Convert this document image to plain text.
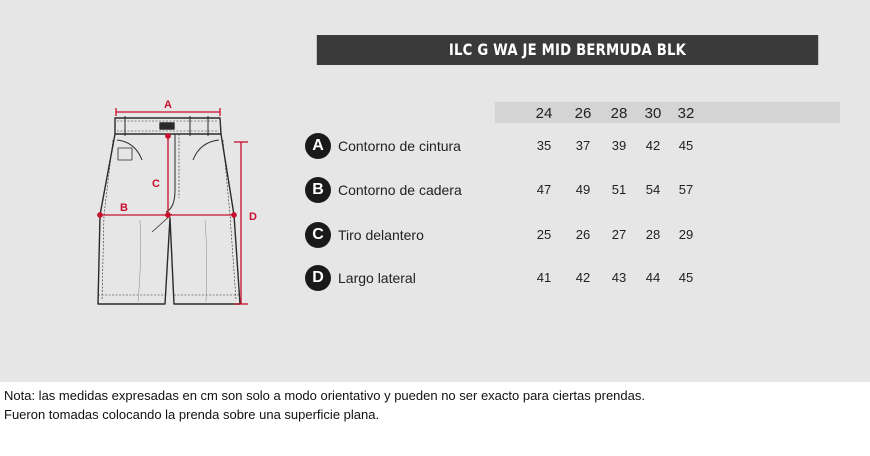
ILC G WA JE MID BERMUDA BLK
A
C
B
D
24	26	28	30	32
A	Contorno de cintura	35	37	39	42	45
B	Contorno de cadera	47	49	51	54	57
C	Tiro delantero	25	26	27	28	29
D	Largo lateral	41	42	43	44	45
Nota: las medidas expresadas en cm son solo a modo orientativo y pueden no ser exacto para ciertas prendas.
Fueron tomadas colocando la prenda sobre una superficie plana.
